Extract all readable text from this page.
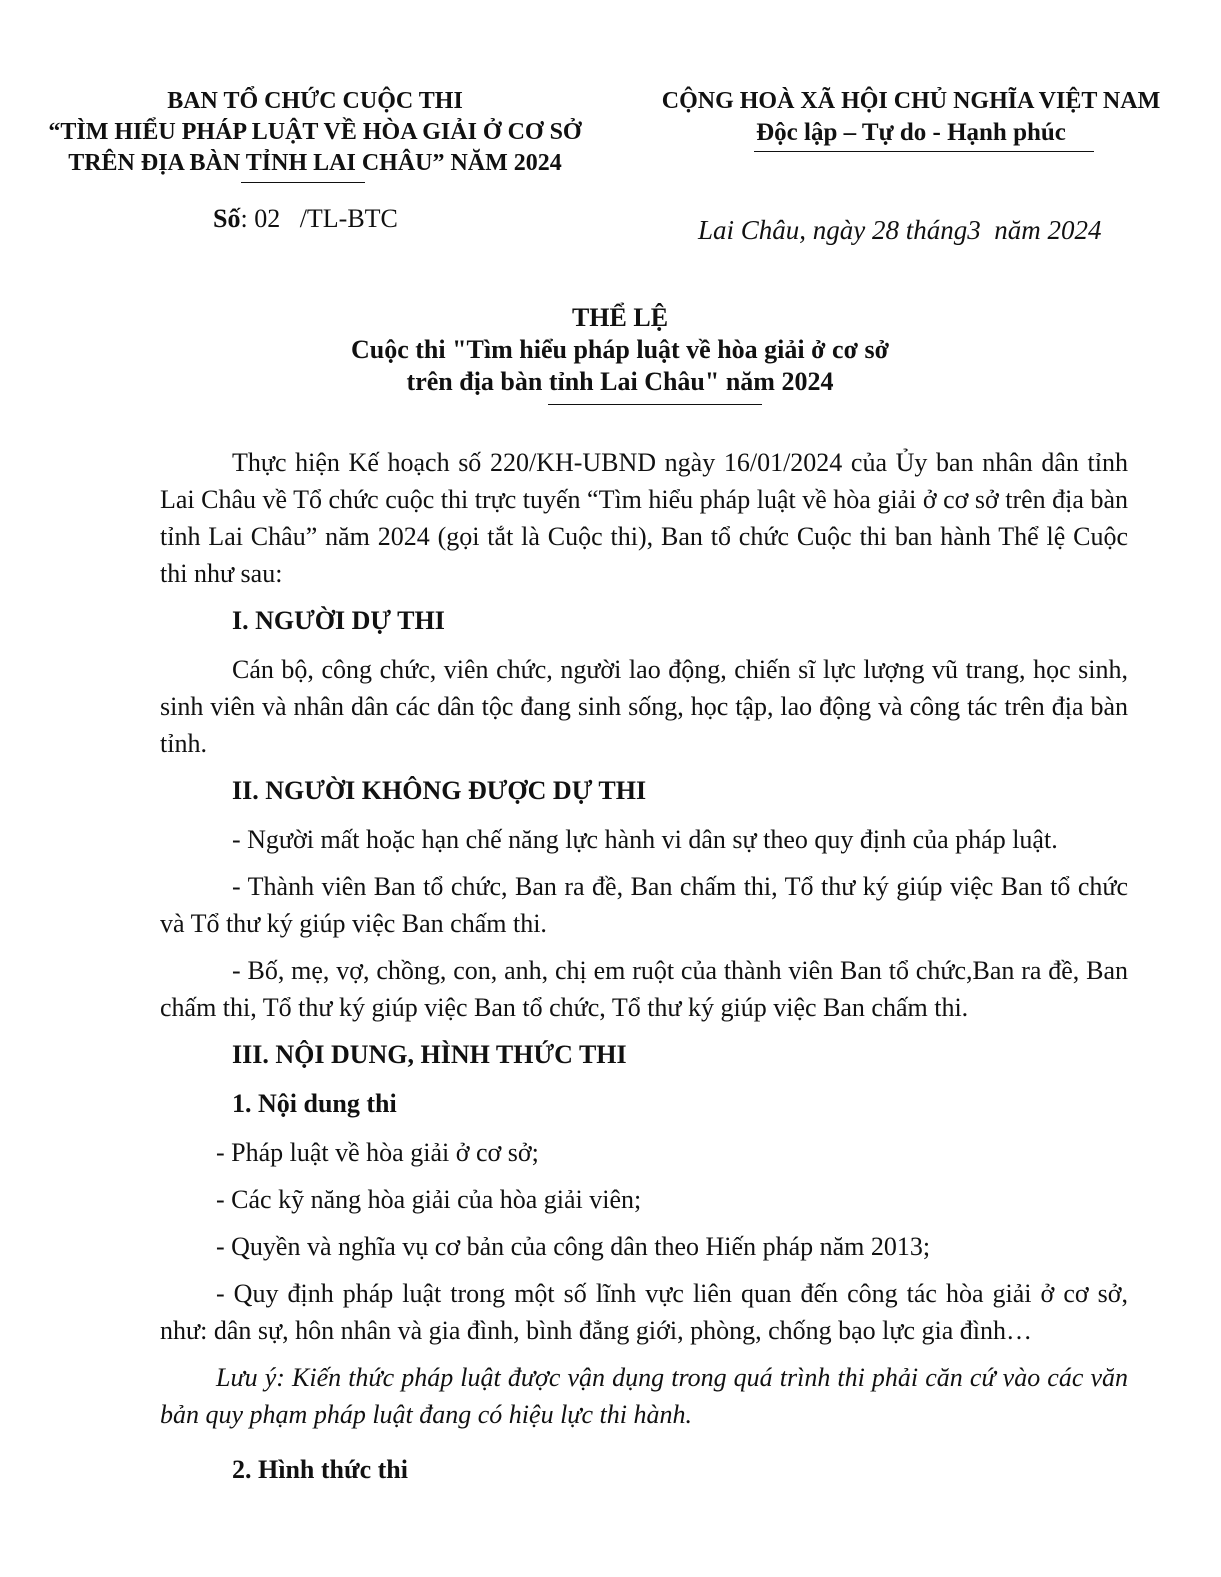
BAN TỔ CHỨC CUỘC THI
“TÌM HIỂU PHÁP LUẬT VỀ HÒA GIẢI Ở CƠ SỞ
TRÊN ĐỊA BÀN TỈNH LAI CHÂU” NĂM 2024
CỘNG HOÀ XÃ HỘI CHỦ NGHĨA VIỆT NAM
Độc lập – Tự do - Hạnh phúc
Số: 02   /TL-BTC	Lai Châu, ngày 28 tháng3  năm 2024
THỂ LỆ
Cuộc thi "Tìm hiểu pháp luật về hòa giải ở cơ sở
trên địa bàn tỉnh Lai Châu" năm 2024

Thực hiện Kế hoạch số 220/KH-UBND ngày 16/01/2024 của Ủy ban nhân dân tỉnh Lai Châu về Tổ chức cuộc thi trực tuyến “Tìm hiểu pháp luật về hòa giải ở cơ sở trên địa bàn tỉnh Lai Châu” năm 2024 (gọi tắt là Cuộc thi), Ban tổ chức Cuộc thi ban hành Thể lệ Cuộc thi như sau:

I. NGƯỜI DỰ THI

Cán bộ, công chức, viên chức, người lao động, chiến sĩ lực lượng vũ trang, học sinh, sinh viên và nhân dân các dân tộc đang sinh sống, học tập, lao động và công tác trên địa bàn tỉnh.

II. NGƯỜI KHÔNG ĐƯỢC DỰ THI

- Người mất hoặc hạn chế năng lực hành vi dân sự theo quy định của pháp luật.

- Thành viên Ban tổ chức, Ban ra đề, Ban chấm thi, Tổ thư ký giúp việc Ban tổ chức và Tổ thư ký giúp việc Ban chấm thi.

- Bố, mẹ, vợ, chồng, con, anh, chị em ruột của thành viên Ban tổ chức,Ban ra đề, Ban chấm thi, Tổ thư ký giúp việc Ban tổ chức, Tổ thư ký giúp việc Ban chấm thi.

III. NỘI DUNG, HÌNH THỨC THI
1. Nội dung thi
- Pháp luật về hòa giải ở cơ sở;
- Các kỹ năng hòa giải của hòa giải viên;
- Quyền và nghĩa vụ cơ bản của công dân theo Hiến pháp năm 2013;

- Quy định pháp luật trong một số lĩnh vực liên quan đến công tác hòa giải ở cơ sở, như: dân sự, hôn nhân và gia đình, bình đẳng giới, phòng, chống bạo lực gia đình…

Lưu ý: Kiến thức pháp luật được vận dụng trong quá trình thi phải căn cứ vào các văn bản quy phạm pháp luật đang có hiệu lực thi hành.

2. Hình thức thi
